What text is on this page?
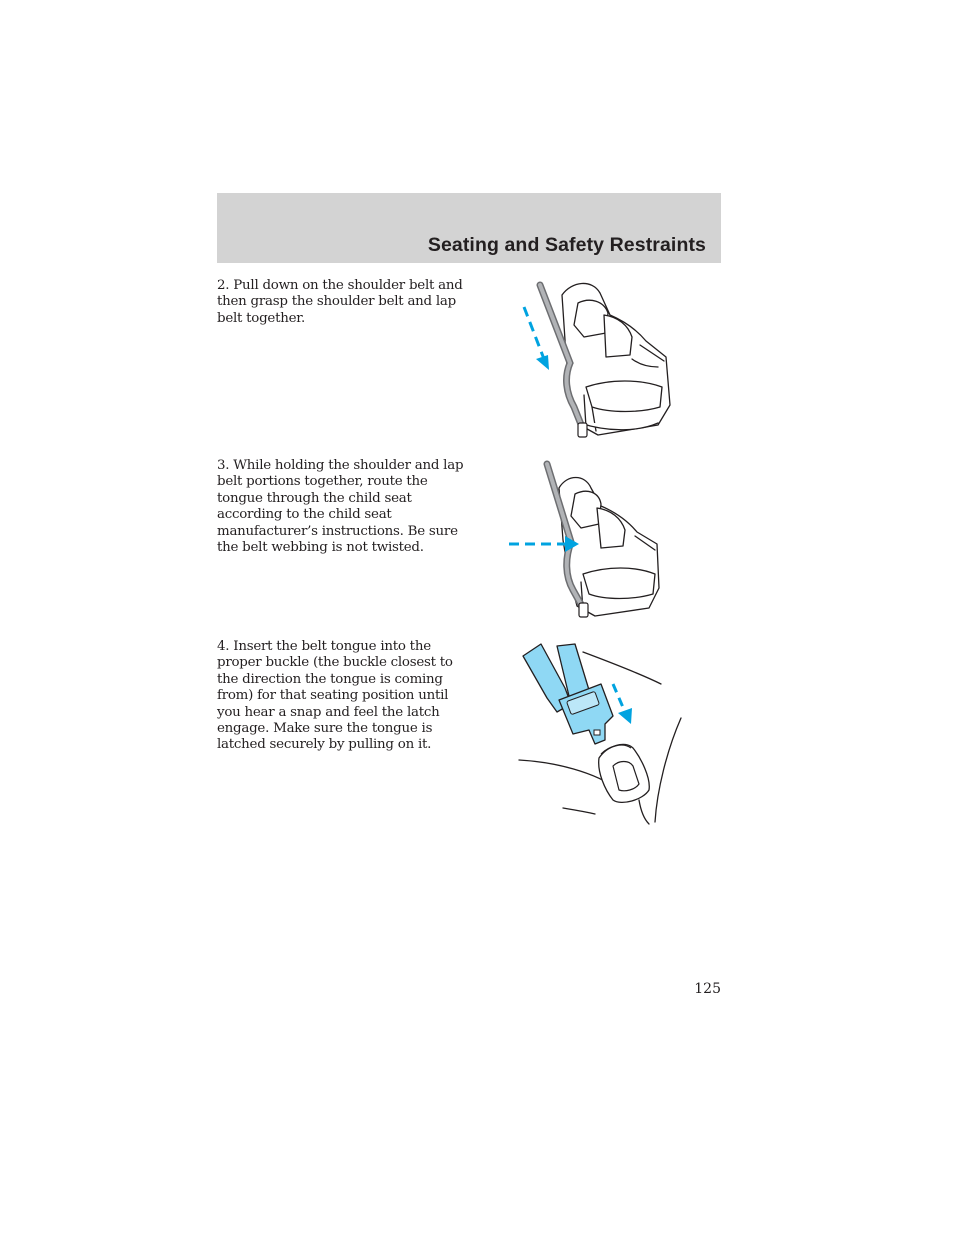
Seating and Safety Restraints

2. Pull down on the shoulder belt and then grasp the shoulder belt and lap belt together.

3. While holding the shoulder and lap belt portions together, route the tongue through the child seat according to the child seat manufacturer’s instructions. Be sure the belt webbing is not twisted.

4. Insert the belt tongue into the proper buckle (the buckle closest to the direction the tongue is coming from) for that seating position until you hear a snap and feel the latch engage. Make sure the tongue is latched securely by pulling on it.

125
